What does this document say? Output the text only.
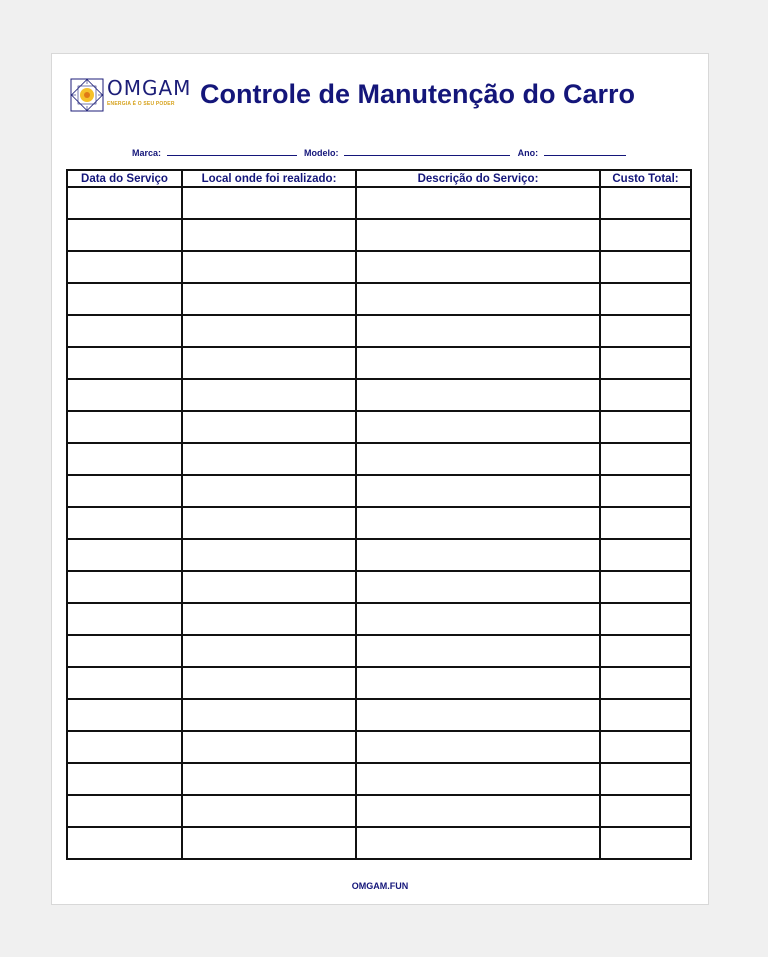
OMGAM
ENERGIA É O SEU PODER Controle de Manutenção do Carro
Marca:	Modelo:	Ano:
Data do Serviço	Local onde foi realizado:	Descrição do Serviço:	Custo Total:

OMGAM.FUN
